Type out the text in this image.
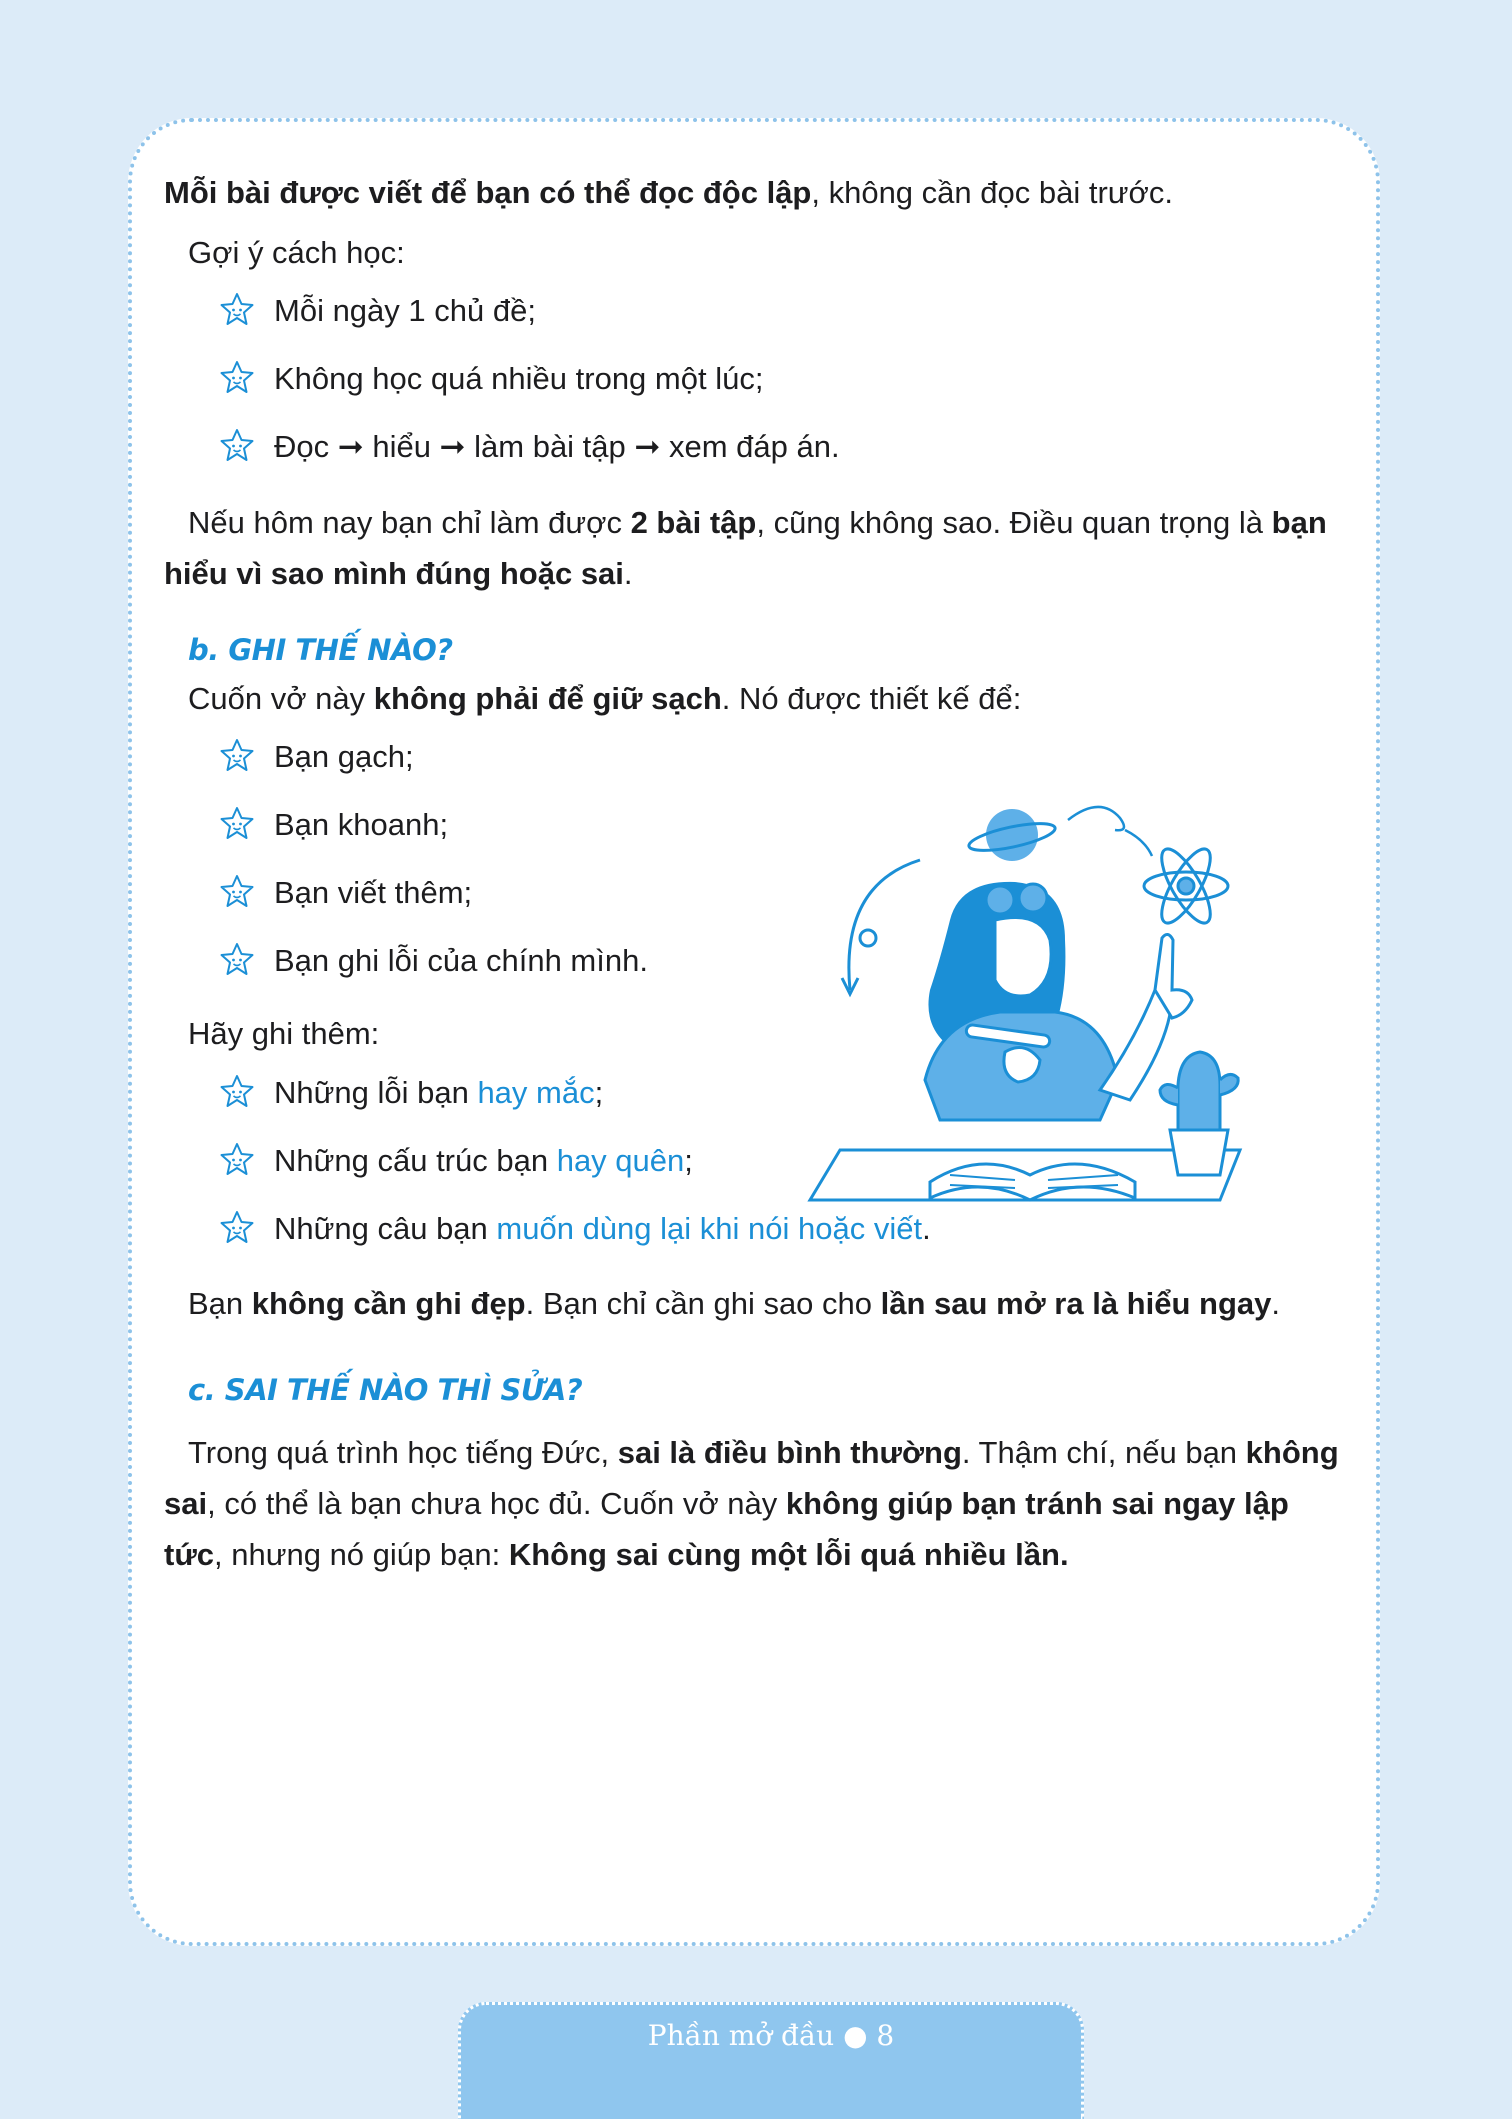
Mỗi bài được viết để bạn có thể đọc độc lập, không cần đọc bài trước.

Gợi ý cách học:

Mỗi ngày 1 chủ đề;
Không học quá nhiều trong một lúc;
Đọc ➞ hiểu ➞ làm bài tập ➞ xem đáp án.

Nếu hôm nay bạn chỉ làm được 2 bài tập, cũng không sao. Điều quan trọng là bạn hiểu vì sao mình đúng hoặc sai.

b. GHI THẾ NÀO?

Cuốn vở này không phải để giữ sạch. Nó được thiết kế để:

Bạn gạch;
Bạn khoanh;
Bạn viết thêm;
Bạn ghi lỗi của chính mình.

Hãy ghi thêm:

Những lỗi bạn hay mắc;
Những cấu trúc bạn hay quên;
Những câu bạn muốn dùng lại khi nói hoặc viết.

Bạn không cần ghi đẹp. Bạn chỉ cần ghi sao cho lần sau mở ra là hiểu ngay.

c. SAI THẾ NÀO THÌ SỬA?

Trong quá trình học tiếng Đức, sai là điều bình thường. Thậm chí, nếu bạn không sai, có thể là bạn chưa học đủ. Cuốn vở này không giúp bạn tránh sai ngay lập tức, nhưng nó giúp bạn: Không sai cùng một lỗi quá nhiều lần.

Phần mở đầu ● 8
